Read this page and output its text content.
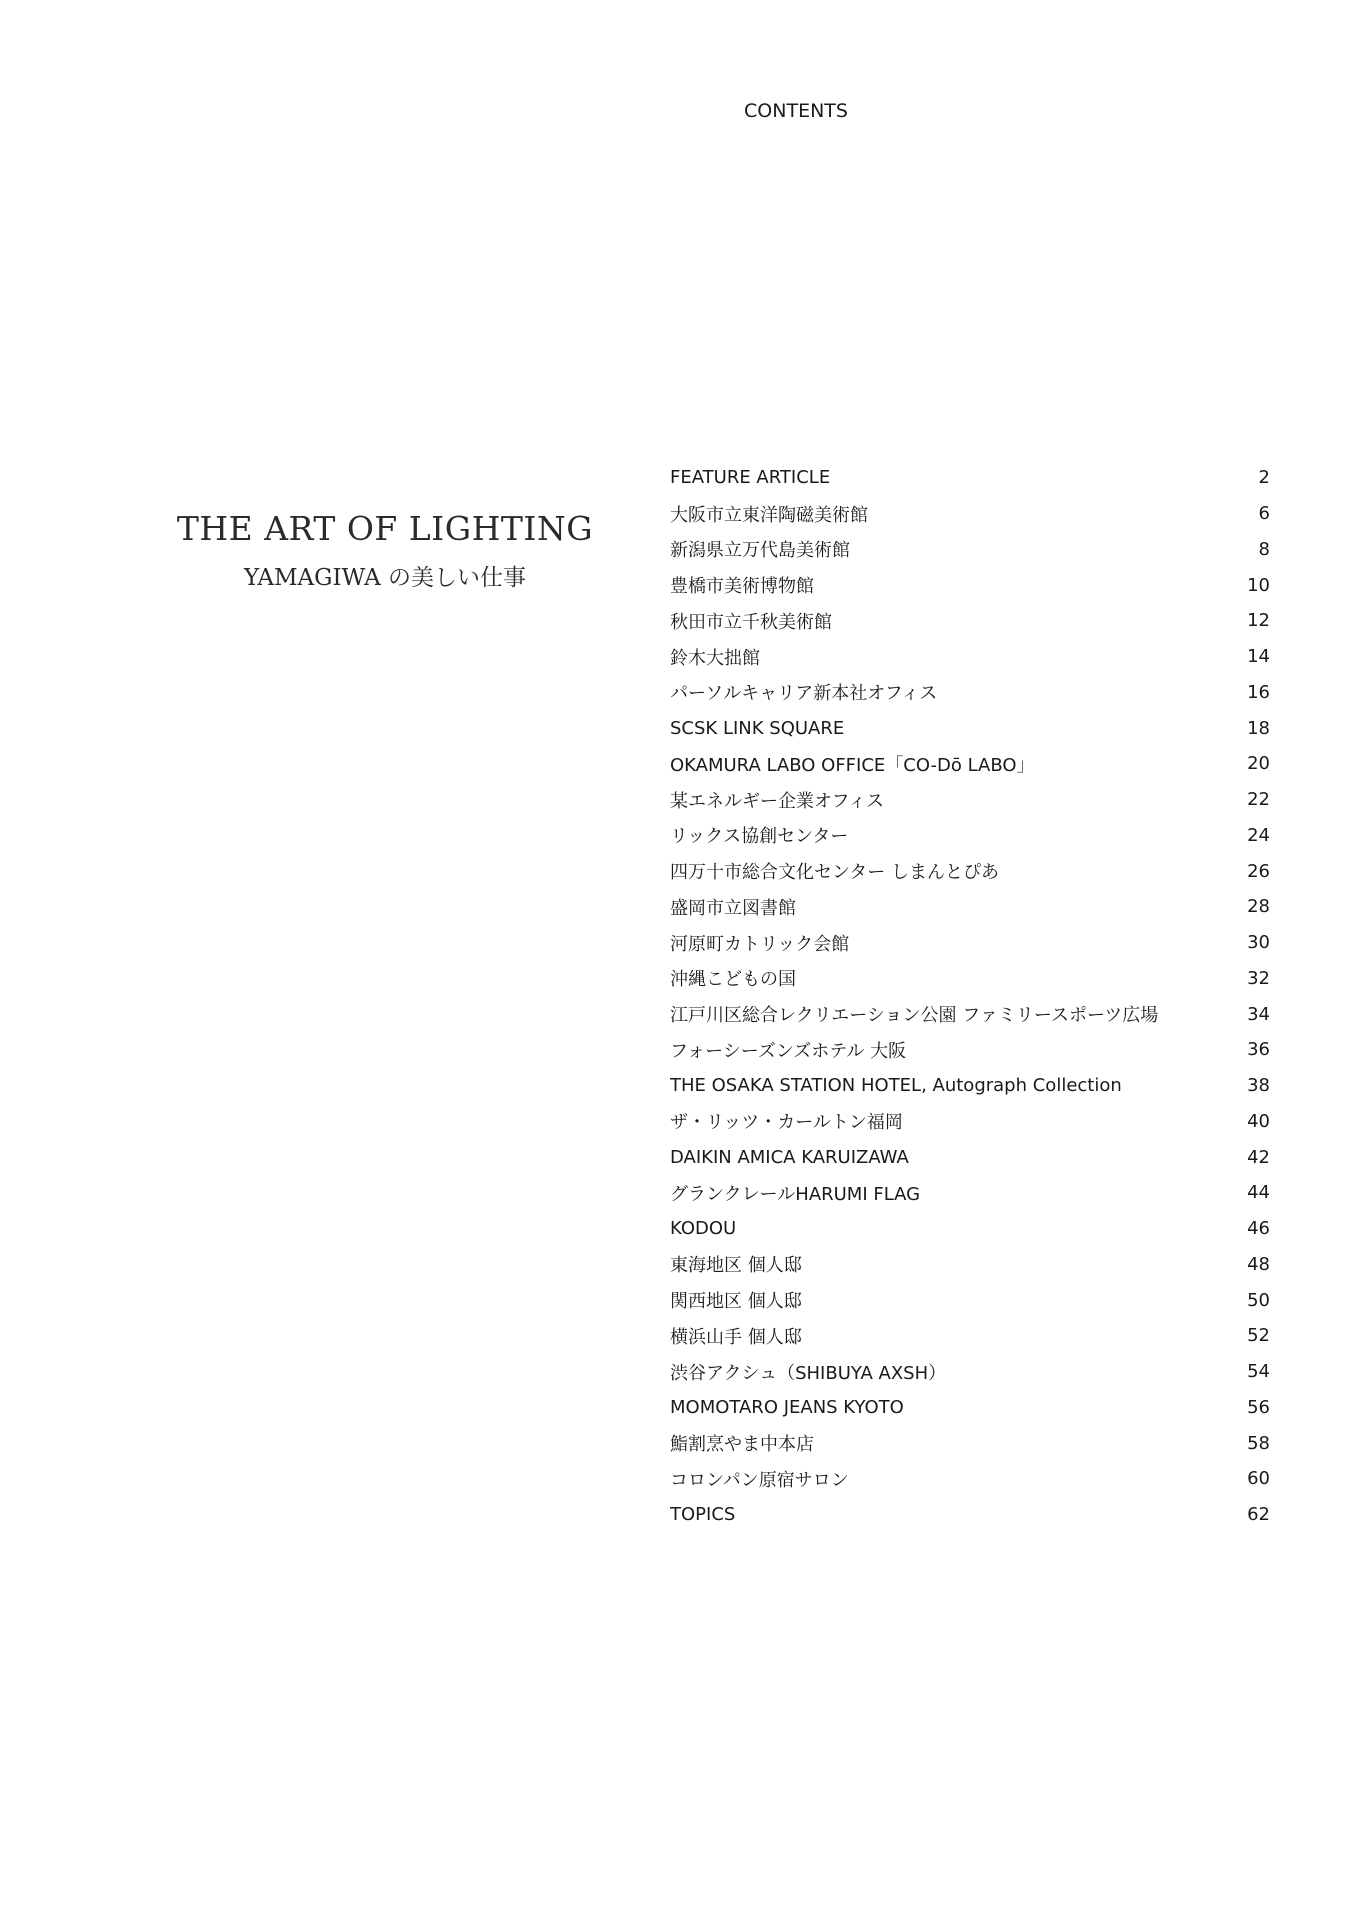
CONTENTS
THE ART OF LIGHTING
YAMAGIWA の美しい仕事
FEATURE ARTICLE	2
大阪市立東洋陶磁美術館	6
新潟県立万代島美術館	8
豊橋市美術博物館	10
秋田市立千秋美術館	12
鈴木大拙館	14
パーソルキャリア新本社オフィス	16
SCSK LINK SQUARE	18
OKAMURA LABO OFFICE「CO-Dō LABO」	20
某エネルギー企業オフィス	22
リックス協創センター	24
四万十市総合文化センター しまんとぴあ	26
盛岡市立図書館	28
河原町カトリック会館	30
沖縄こどもの国	32
江戸川区総合レクリエーション公園 ファミリースポーツ広場	34
フォーシーズンズホテル 大阪	36
THE OSAKA STATION HOTEL, Autograph Collection	38
ザ・リッツ・カールトン福岡	40
DAIKIN AMICA KARUIZAWA	42
グランクレールHARUMI FLAG	44
KODOU	46
東海地区 個人邸	48
関西地区 個人邸	50
横浜山手 個人邸	52
渋谷アクシュ（SHIBUYA AXSH）	54
MOMOTARO JEANS KYOTO	56
鮨割烹やま中本店	58
コロンパン原宿サロン	60
TOPICS	62
